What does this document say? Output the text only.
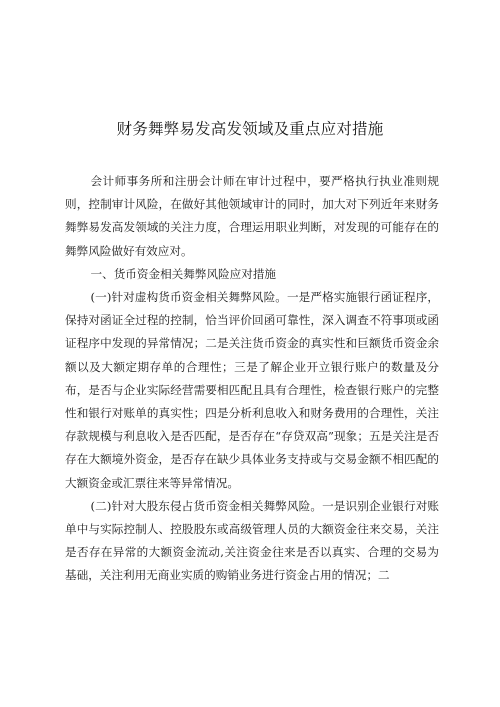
财务舞弊易发高发领域及重点应对措施

会计师事务所和注册会计师在审计过程中，要严格执行执业准则规则，控制审计风险，在做好其他领域审计的同时，加大对下列近年来财务舞弊易发高发领域的关注力度，合理运用职业判断，对发现的可能存在的舞弊风险做好有效应对。

一、货币资金相关舞弊风险应对措施

(一)针对虚构货币资金相关舞弊风险。一是严格实施银行函证程序，保持对函证全过程的控制，恰当评价回函可靠性，深入调查不符事项或函证程序中发现的异常情况；二是关注货币资金的真实性和巨额货币资金余额以及大额定期存单的合理性；三是了解企业开立银行账户的数量及分布，是否与企业实际经营需要相匹配且具有合理性，检查银行账户的完整性和银行对账单的真实性；四是分析利息收入和财务费用的合理性，关注存款规模与利息收入是否匹配，是否存在“存贷双高”现象；五是关注是否存在大额境外资金，是否存在缺少具体业务支持或与交易金额不相匹配的大额资金或汇票往来等异常情况。

(二)针对大股东侵占货币资金相关舞弊风险。一是识别企业银行对账单中与实际控制人、控股股东或高级管理人员的大额资金往来交易，关注是否存在异常的大额资金流动,关注资金往来是否以真实、合理的交易为基础，关注利用无商业实质的购销业务进行资金占用的情况；二
